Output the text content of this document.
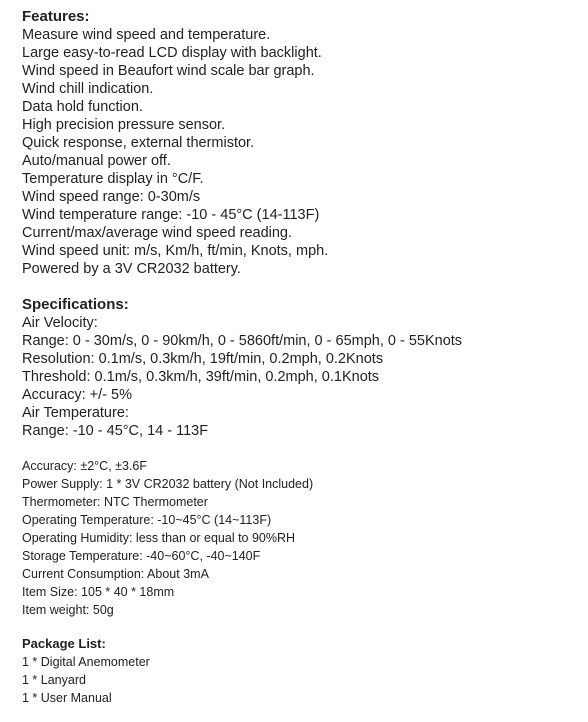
Features:

Measure wind speed and temperature.

Large easy-to-read LCD display with backlight.

Wind speed in Beaufort wind scale bar graph.

Wind chill indication.

Data hold function.

High precision pressure sensor.

Quick response, external thermistor.

Auto/manual power off.

Temperature display in °C/F.

Wind speed range: 0-30m/s

Wind temperature range: -10 - 45°C (14-113F)

Current/max/average wind speed reading.

Wind speed unit: m/s, Km/h, ft/min, Knots, mph.

Powered by a 3V CR2032 battery.

Specifications:

Air Velocity:

Range: 0 - 30m/s, 0 - 90km/h, 0 - 5860ft/min, 0 - 65mph, 0 - 55Knots

Resolution: 0.1m/s, 0.3km/h, 19ft/min, 0.2mph, 0.2Knots

Threshold: 0.1m/s, 0.3km/h, 39ft/min, 0.2mph, 0.1Knots

Accuracy: +/- 5%

Air Temperature:

Range: -10 - 45°C, 14 - 113F

Accuracy: ±2°C, ±3.6F

Power Supply: 1 * 3V CR2032 battery (Not Included)

Thermometer: NTC Thermometer

Operating Temperature: -10~45°C (14~113F)

Operating Humidity: less than or equal to 90%RH

Storage Temperature: -40~60°C, -40~140F

Current Consumption: About 3mA

Item Size: 105 * 40 * 18mm

Item weight: 50g

Package List:

1 * Digital Anemometer

1 * Lanyard

1 * User Manual
